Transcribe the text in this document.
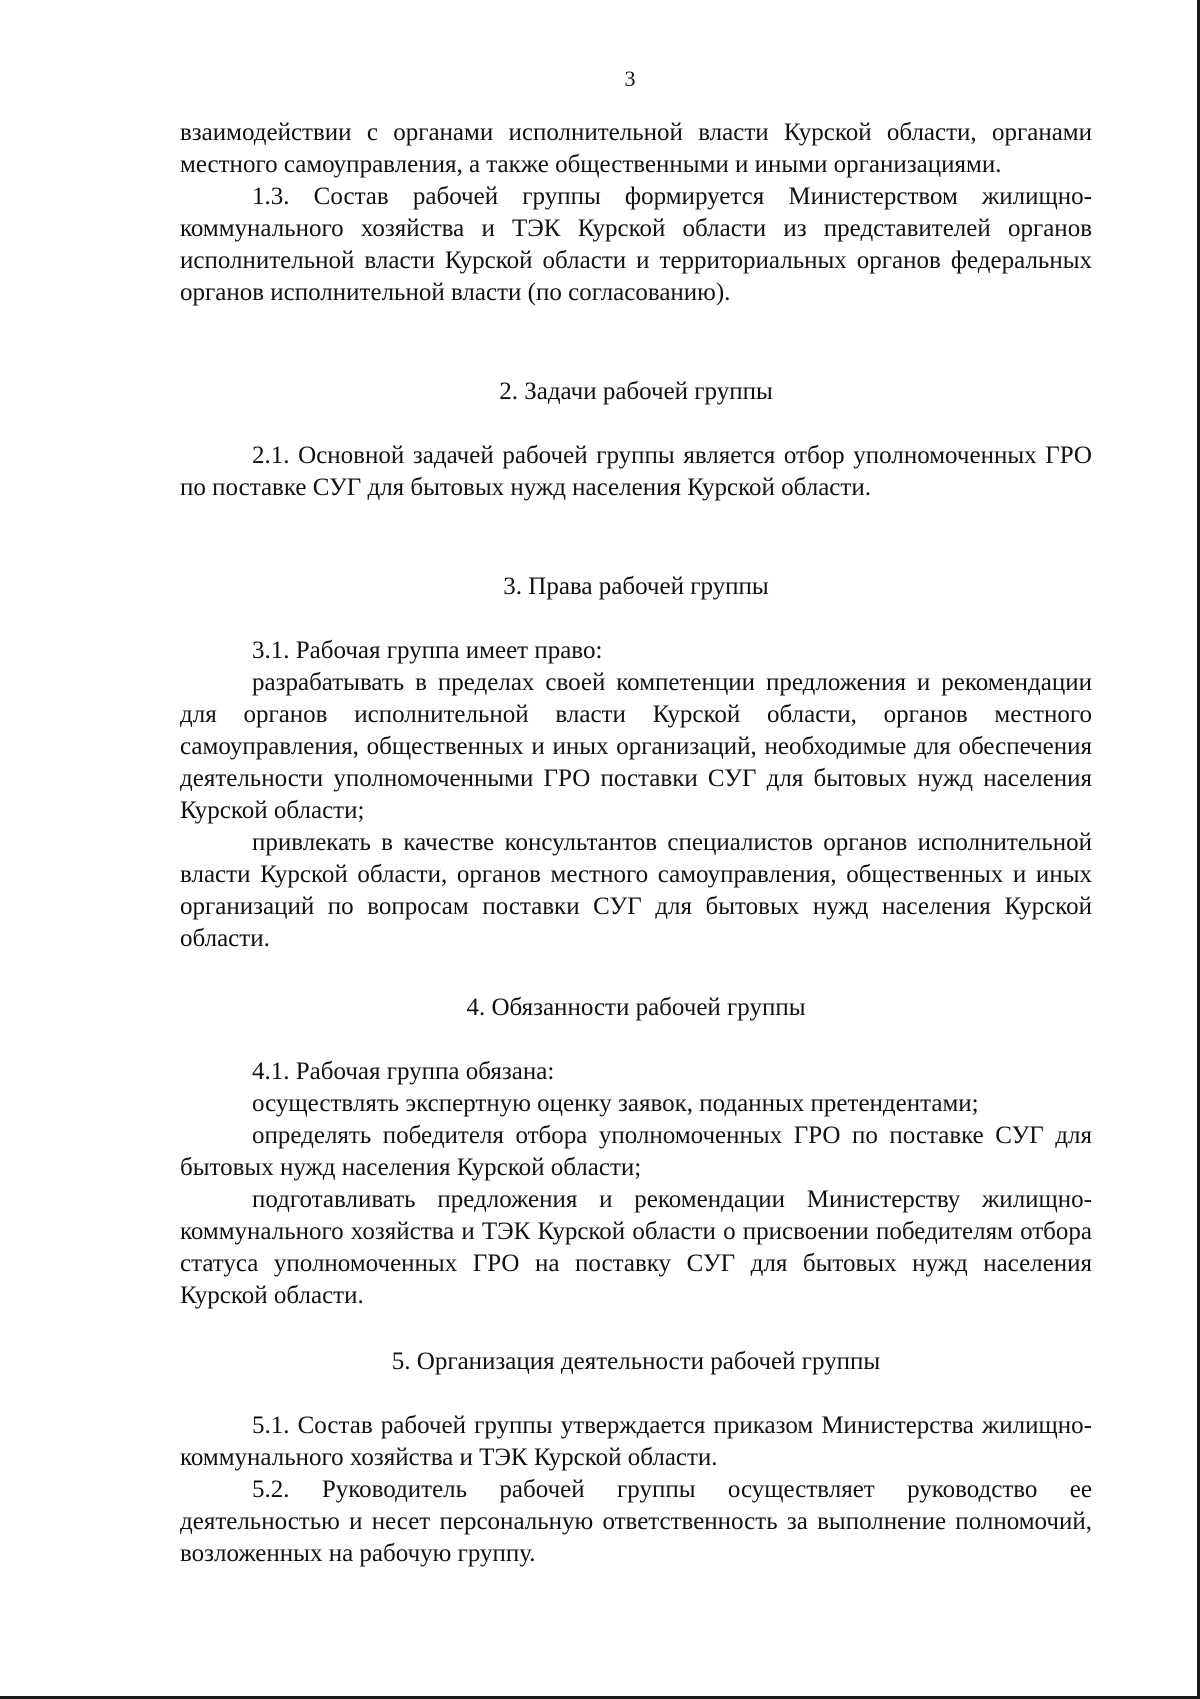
3

взаимодействии с органами исполнительной власти Курской области, органами местного самоуправления, а также общественными и иными организациями.

1.3. Состав рабочей группы формируется Министерством жилищно-коммунального хозяйства и ТЭК Курской области из представителей органов исполнительной власти Курской области и территориальных органов федеральных органов исполнительной власти (по согласованию).

2. Задачи рабочей группы

2.1. Основной задачей рабочей группы является отбор уполномоченных ГРО по поставке СУГ для бытовых нужд населения Курской области.

3. Права рабочей группы

3.1. Рабочая группа имеет право:

разрабатывать в пределах своей компетенции предложения и рекомендации для органов исполнительной власти Курской области, органов местного самоуправления, общественных и иных организаций, необходимые для обеспечения деятельности уполномоченными ГРО поставки СУГ для бытовых нужд населения Курской области;

привлекать в качестве консультантов специалистов органов исполнительной власти Курской области, органов местного самоуправления, общественных и иных организаций по вопросам поставки СУГ для бытовых нужд населения Курской области.

4. Обязанности рабочей группы

4.1. Рабочая группа обязана:

осуществлять экспертную оценку заявок, поданных претендентами;

определять победителя отбора уполномоченных ГРО по поставке СУГ для бытовых нужд населения Курской области;

подготавливать предложения и рекомендации Министерству жилищно-коммунального хозяйства и ТЭК Курской области о присвоении победителям отбора статуса уполномоченных ГРО на поставку СУГ для бытовых нужд населения Курской области.

5. Организация деятельности рабочей группы

5.1. Состав рабочей группы утверждается приказом Министерства жилищно-коммунального хозяйства и ТЭК Курской области.

5.2. Руководитель рабочей группы осуществляет руководство ее деятельностью и несет персональную ответственность за выполнение полномочий, возложенных на рабочую группу.
